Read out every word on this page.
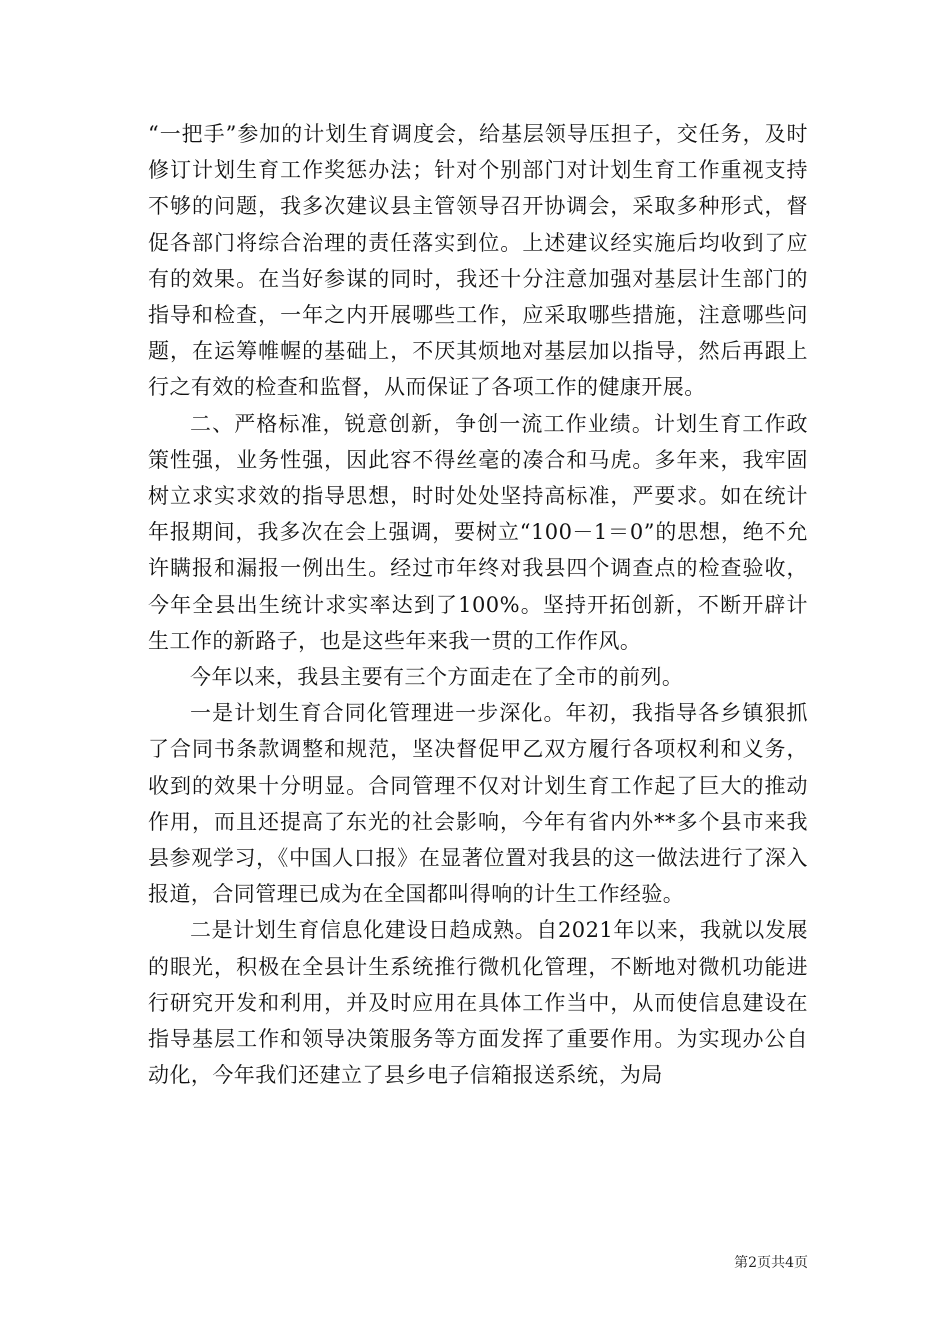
“一把手”参加的计划生育调度会，给基层领导压担子，交任务，及时修订计划生育工作奖惩办法；针对个别部门对计划生育工作重视支持不够的问题，我多次建议县主管领导召开协调会，采取多种形式，督促各部门将综合治理的责任落实到位。上述建议经实施后均收到了应有的效果。在当好参谋的同时，我还十分注意加强对基层计生部门的指导和检查，一年之内开展哪些工作，应采取哪些措施，注意哪些问题，在运筹帷幄的基础上，不厌其烦地对基层加以指导，然后再跟上行之有效的检查和监督，从而保证了各项工作的健康开展。

二、严格标准，锐意创新，争创一流工作业绩。计划生育工作政策性强，业务性强，因此容不得丝毫的凑合和马虎。多年来，我牢固树立求实求效的指导思想，时时处处坚持高标准，严要求。如在统计年报期间，我多次在会上强调，要树立“100－1＝0”的思想，绝不允许瞒报和漏报一例出生。经过市年终对我县四个调查点的检查验收，今年全县出生统计求实率达到了100%。坚持开拓创新，不断开辟计生工作的新路子，也是这些年来我一贯的工作作风。

今年以来，我县主要有三个方面走在了全市的前列。

一是计划生育合同化管理进一步深化。年初，我指导各乡镇狠抓了合同书条款调整和规范，坚决督促甲乙双方履行各项权利和义务，收到的效果十分明显。合同管理不仅对计划生育工作起了巨大的推动作用，而且还提高了东光的社会影响，今年有省内外**多个县市来我县参观学习，《中国人口报》在显著位置对我县的这一做法进行了深入报道，合同管理已成为在全国都叫得响的计生工作经验。

二是计划生育信息化建设日趋成熟。自2021年以来，我就以发展的眼光，积极在全县计生系统推行微机化管理，不断地对微机功能进行研究开发和利用，并及时应用在具体工作当中，从而使信息建设在指导基层工作和领导决策服务等方面发挥了重要作用。为实现办公自动化，今年我们还建立了县乡电子信箱报送系统，为局

第2页共4页
